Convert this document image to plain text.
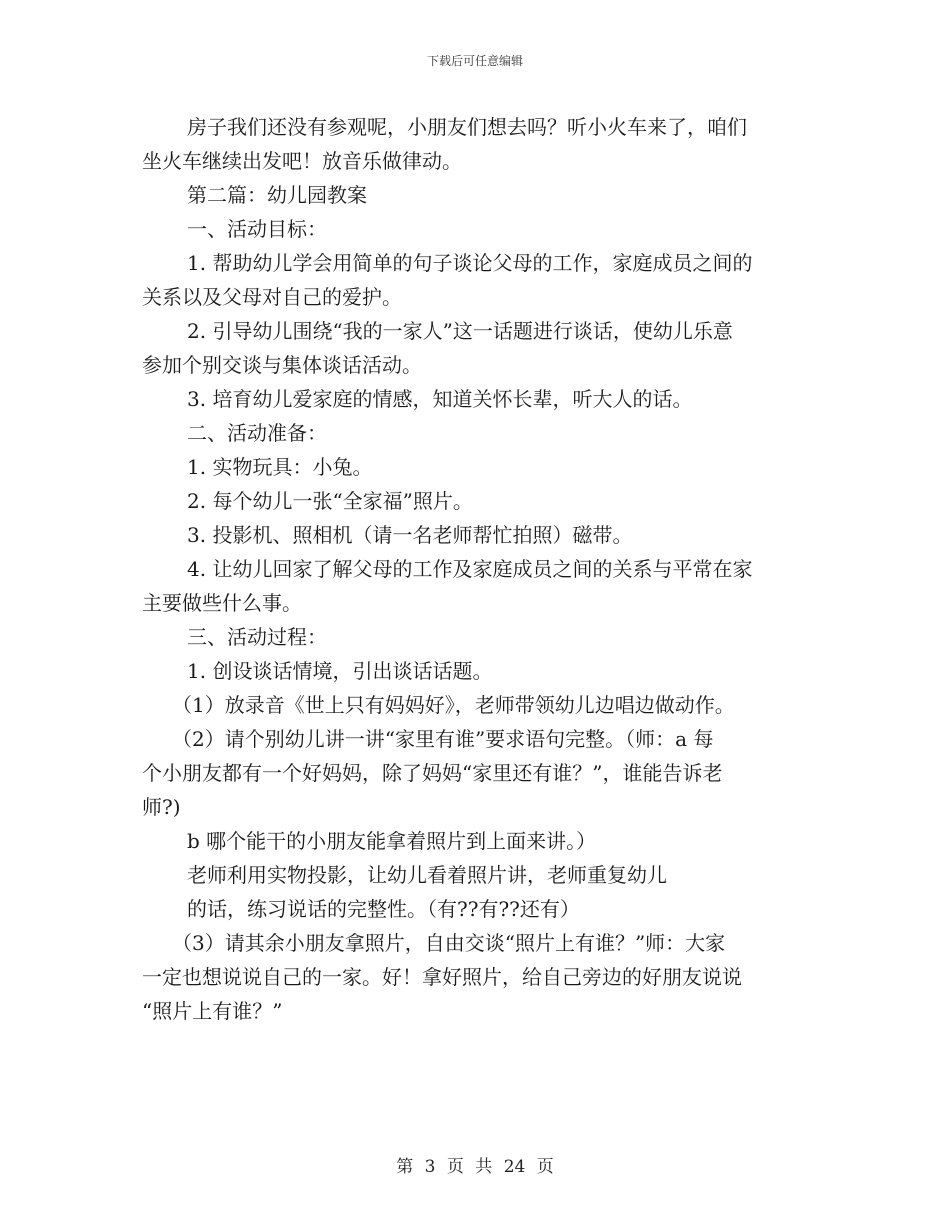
下载后可任意编辑
房子我们还没有参观呢，小朋友们想去吗？听小火车来了，咱们
坐火车继续出发吧！放音乐做律动。
第二篇：幼儿园教案
一、活动目标：
1. 帮助幼儿学会用简单的句子谈论父母的工作，家庭成员之间的
关系以及父母对自己的爱护。
2. 引导幼儿围绕“我的一家人”这一话题进行谈话，使幼儿乐意
参加个别交谈与集体谈话活动。
3. 培育幼儿爱家庭的情感，知道关怀长辈，听大人的话。
二、活动准备：
1. 实物玩具：小兔。
2. 每个幼儿一张“全家福”照片。
3. 投影机、照相机（请一名老师帮忙拍照）磁带。
4. 让幼儿回家了解父母的工作及家庭成员之间的关系与平常在家
主要做些什么事。
三、活动过程：
1. 创设谈话情境，引出谈话话题。
（1）放录音《世上只有妈妈好》，老师带领幼儿边唱边做动作。
（2）请个别幼儿讲一讲“家里有谁”要求语句完整。（师：a 每
个小朋友都有一个好妈妈，除了妈妈“家里还有谁？”，谁能告诉老
师?)
b 哪个能干的小朋友能拿着照片到上面来讲。）
老师利用实物投影，让幼儿看着照片讲，老师重复幼儿
的话，练习说话的完整性。（有??有??还有）
（3）请其余小朋友拿照片，自由交谈“照片上有谁？”师：大家
一定也想说说自己的一家。好！拿好照片，给自己旁边的好朋友说说
“照片上有谁？”
第 3 页 共 24 页
